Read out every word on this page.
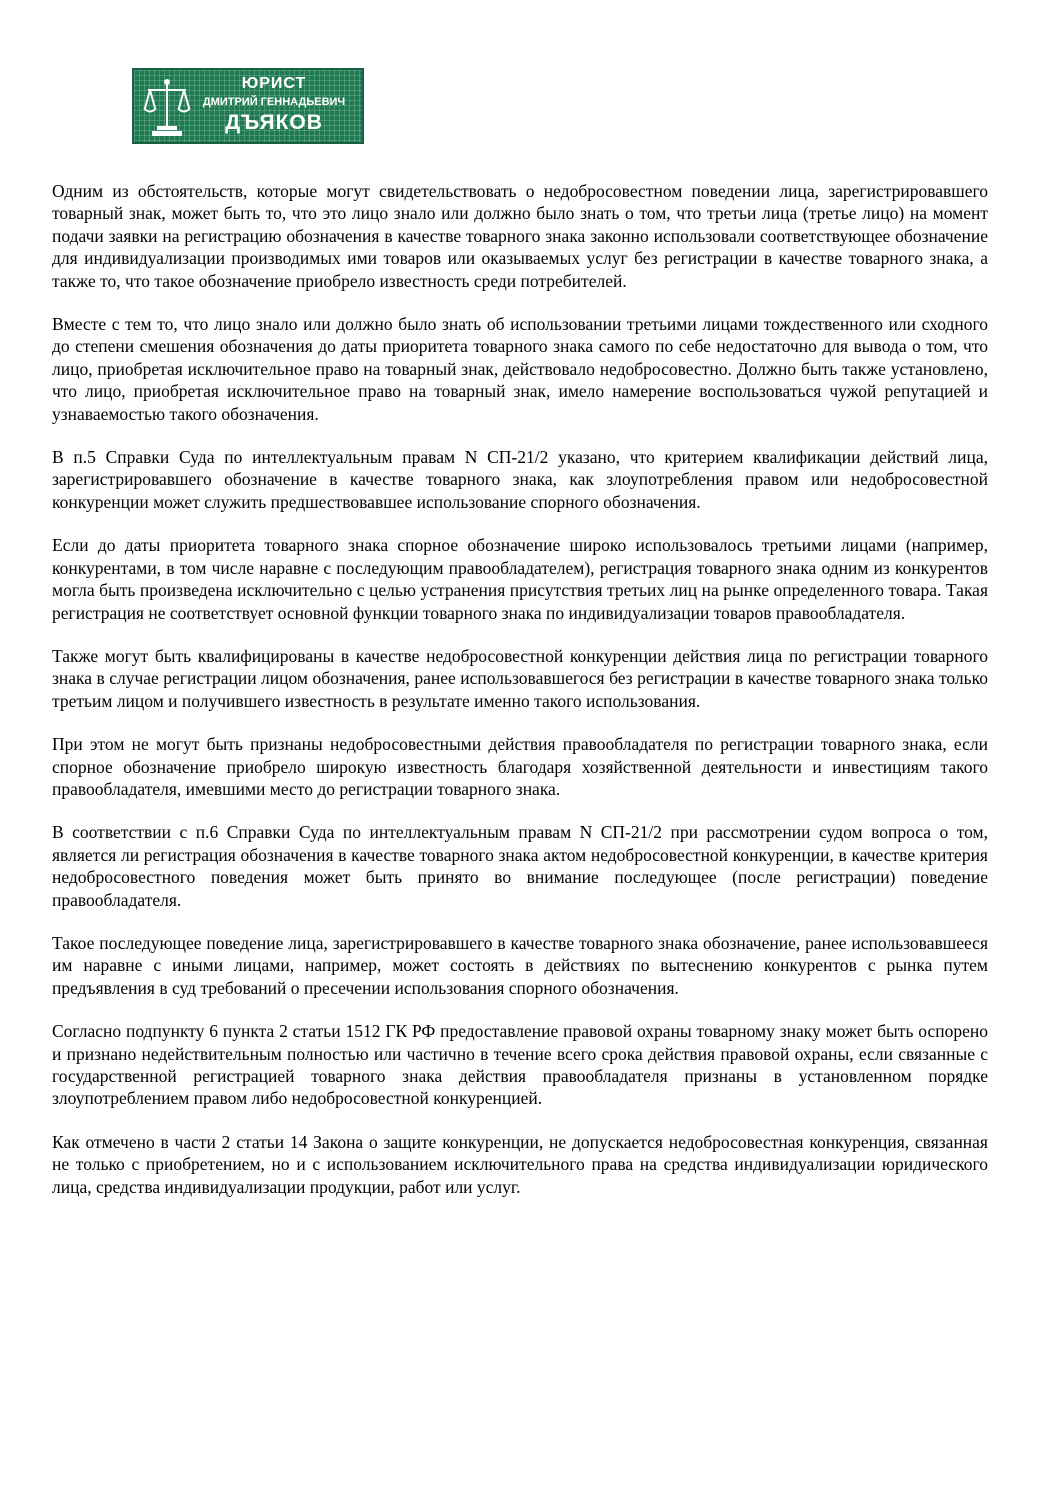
ЮРИСТ
ДМИТРИЙ ГЕННАДЬЕВИЧ
ДЪЯКОВ

Одним из обстоятельств, которые могут свидетельствовать о недобросовестном поведении лица, зарегистрировавшего товарный знак, может быть то, что это лицо знало или должно было знать о том, что третьи лица (третье лицо) на момент подачи заявки на регистрацию обозначения в качестве товарного знака законно использовали соответствующее обозначение для индивидуализации производимых ими товаров или оказываемых услуг без регистрации в качестве товарного знака, а также то, что такое обозначение приобрело известность среди потребителей.

Вместе с тем то, что лицо знало или должно было знать об использовании третьими лицами тождественного или сходного до степени смешения обозначения до даты приоритета товарного знака самого по себе недостаточно для вывода о том, что лицо, приобретая исключительное право на товарный знак, действовало недобросовестно. Должно быть также установлено, что лицо, приобретая исключительное право на товарный знак, имело намерение воспользоваться чужой репутацией и узнаваемостью такого обозначения.

В п.5 Справки Суда по интеллектуальным правам N СП-21/2 указано, что критерием квалификации действий лица, зарегистрировавшего обозначение в качестве товарного знака, как злоупотребления правом или недобросовестной конкуренции может служить предшествовавшее использование спорного обозначения.

Если до даты приоритета товарного знака спорное обозначение широко использовалось третьими лицами (например, конкурентами, в том числе наравне с последующим правообладателем), регистрация товарного знака одним из конкурентов могла быть произведена исключительно с целью устранения присутствия третьих лиц на рынке определенного товара. Такая регистрация не соответствует основной функции товарного знака по индивидуализации товаров правообладателя.

Также могут быть квалифицированы в качестве недобросовестной конкуренции действия лица по регистрации товарного знака в случае регистрации лицом обозначения, ранее использовавшегося без регистрации в качестве товарного знака только третьим лицом и получившего известность в результате именно такого использования.

При этом не могут быть признаны недобросовестными действия правообладателя по регистрации товарного знака, если спорное обозначение приобрело широкую известность благодаря хозяйственной деятельности и инвестициям такого правообладателя, имевшими место до регистрации товарного знака.

В соответствии с п.6 Справки Суда по интеллектуальным правам N СП-21/2 при рассмотрении судом вопроса о том, является ли регистрация обозначения в качестве товарного знака актом недобросовестной конкуренции, в качестве критерия недобросовестного поведения может быть принято во внимание последующее (после регистрации) поведение правообладателя.

Такое последующее поведение лица, зарегистрировавшего в качестве товарного знака обозначение, ранее использовавшееся им наравне с иными лицами, например, может состоять в действиях по вытеснению конкурентов с рынка путем предъявления в суд требований о пресечении использования спорного обозначения.

Согласно подпункту 6 пункта 2 статьи 1512 ГК РФ предоставление правовой охраны товарному знаку может быть оспорено и признано недействительным полностью или частично в течение всего срока действия правовой охраны, если связанные с государственной регистрацией товарного знака действия правообладателя признаны в установленном порядке злоупотреблением правом либо недобросовестной конкуренцией.

Как отмечено в части 2 статьи 14 Закона о защите конкуренции, не допускается недобросовестная конкуренция, связанная не только с приобретением, но и с использованием исключительного права на средства индивидуализации юридического лица, средства индивидуализации продукции, работ или услуг.
